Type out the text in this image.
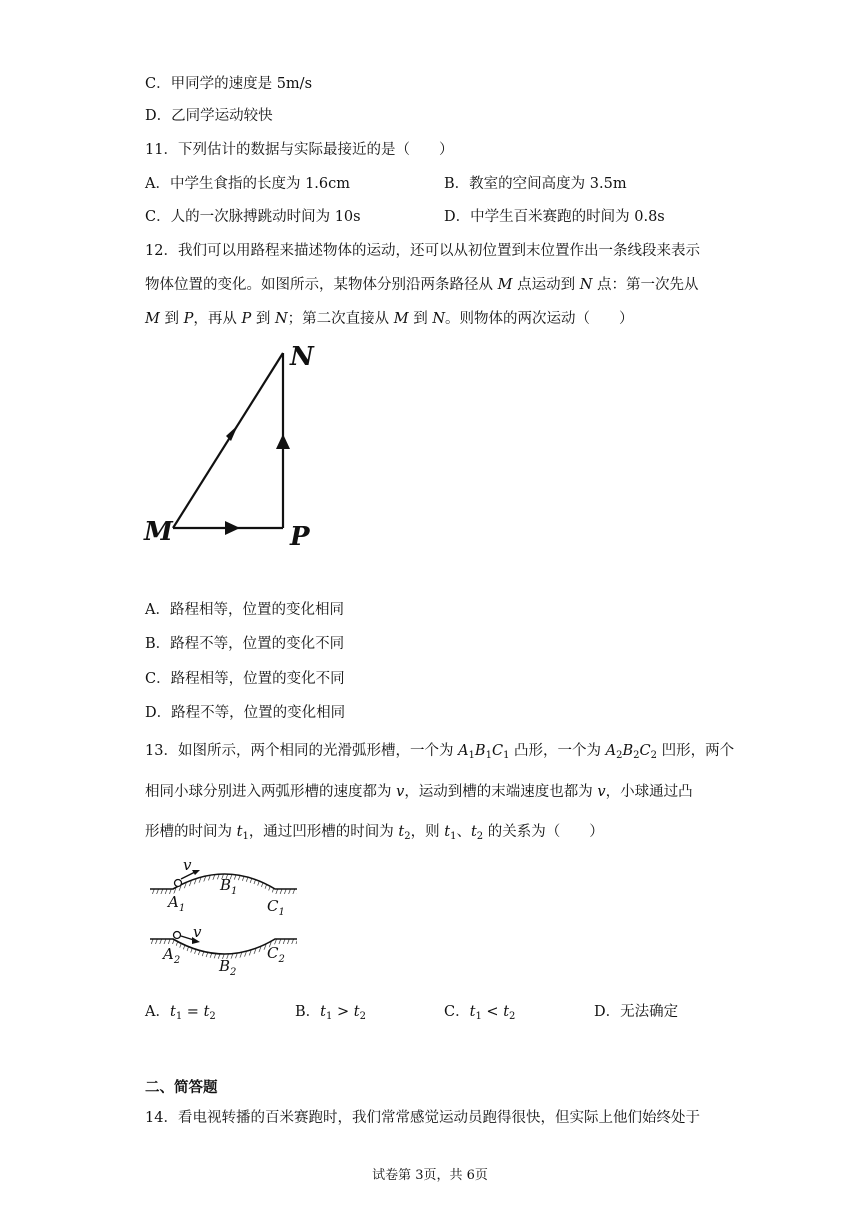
C．甲同学的速度是 5m/s
D．乙同学运动较快
11．下列估计的数据与实际最接近的是（　　）
A．中学生食指的长度为 1.6cm	B．教室的空间高度为 3.5m
C．人的一次脉搏跳动时间为 10s	D．中学生百米赛跑的时间为 0.8s
12．我们可以用路程来描述物体的运动，还可以从初位置到末位置作出一条线段来表示
物体位置的变化。如图所示，某物体分别沿两条路径从 M 点运动到 N 点：第一次先从
M 到 P，再从 P 到 N；第二次直接从 M 到 N。则物体的两次运动（　　）
N
M	P
A．路程相等，位置的变化相同
B．路程不等，位置的变化不同
C．路程相等，位置的变化不同
D．路程不等，位置的变化相同
13．如图所示，两个相同的光滑弧形槽，一个为 $A_1B_1C_1$ 凸形，一个为 $A_2B_2C_2$ 凹形，两个
相同小球分别进入两弧形槽的速度都为 v，运动到槽的末端速度也都为 v，小球通过凸
形槽的时间为 $t_1$，通过凹形槽的时间为 $t_2$，则 $t_1$、$t_2$ 的关系为（　　）
v
$A_1$
$B_1$
$C_1$
v
$A_2$	$B_2$
$C_2$
A．$t_1 = t_2$	B．$t_1 > t_2$	C．$t_1 < t_2$	D．无法确定
二、简答题
14．看电视转播的百米赛跑时，我们常常感觉运动员跑得很快，但实际上他们始终处于
试卷第 3页，共 6页
